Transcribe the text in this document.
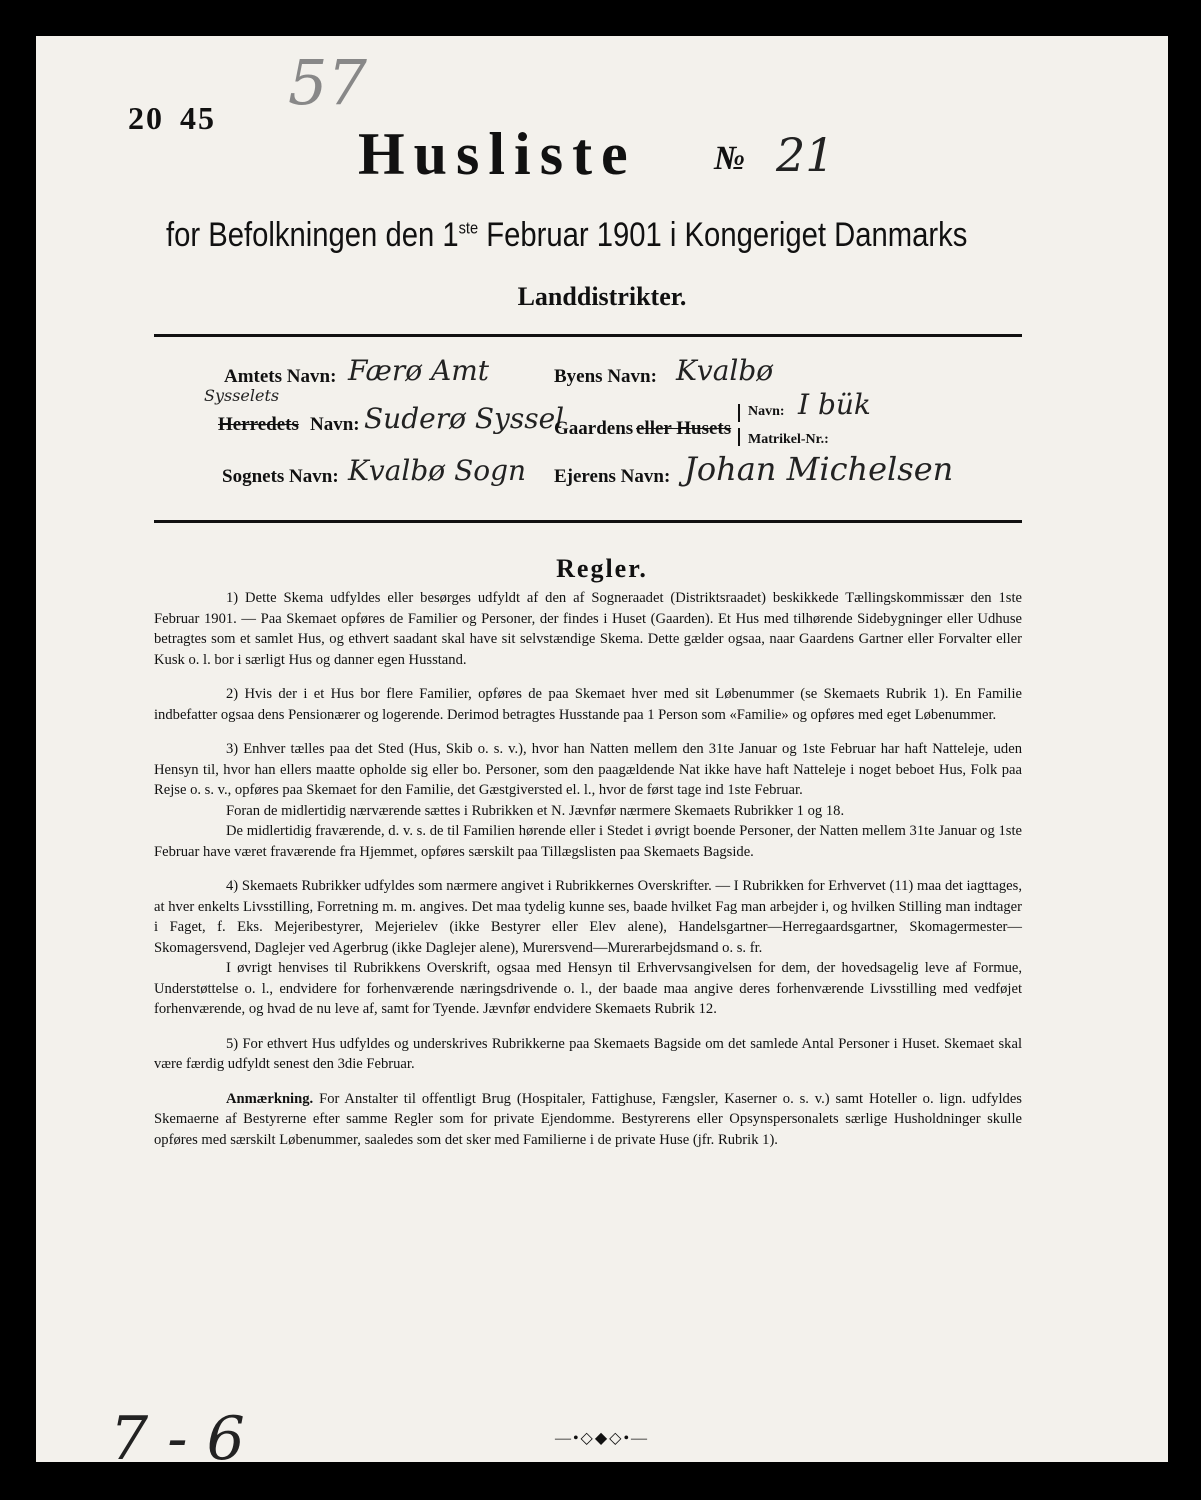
20 45 57
Husliste № 21
for Befolkningen den 1ste Februar 1901 i Kongeriget Danmarks
Landdistrikter.
Amtets Navn: Færø Amt	Byens Navn: Kvalbø
Sysselets
Herredets Navn: Suderø Syssel
Gaardens eller Husets
Navn: I bük
Matrikel-Nr.:
Sognets Navn: Kvalbø Sogn Ejerens Navn: Johan Michelsen
Regler.

1) Dette Skema udfyldes eller besørges udfyldt af den af Sogneraadet (Distriktsraadet) beskikkede Tællingskommissær den 1ste Februar 1901. — Paa Skemaet opføres de Familier og Personer, der findes i Huset (Gaarden). Et Hus med tilhørende Sidebygninger eller Udhuse betragtes som et samlet Hus, og ethvert saadant skal have sit selvstændige Skema. Dette gælder ogsaa, naar Gaardens Gartner eller Forvalter eller Kusk o. l. bor i særligt Hus og danner egen Husstand.

2) Hvis der i et Hus bor flere Familier, opføres de paa Skemaet hver med sit Løbenummer (se Skemaets Rubrik 1). En Familie indbefatter ogsaa dens Pensionærer og logerende. Derimod betragtes Husstande paa 1 Person som «Familie» og opføres med eget Løbenummer.

3) Enhver tælles paa det Sted (Hus, Skib o. s. v.), hvor han Natten mellem den 31te Januar og 1ste Februar har haft Natteleje, uden Hensyn til, hvor han ellers maatte opholde sig eller bo. Personer, som den paagældende Nat ikke have haft Natteleje i noget beboet Hus, Folk paa Rejse o. s. v., opføres paa Skemaet for den Familie, det Gæstgiversted el. l., hvor de først tage ind 1ste Februar.

Foran de midlertidig nærværende sættes i Rubrikken et N. Jævnfør nærmere Skemaets Rubrikker 1 og 18.

De midlertidig fraværende, d. v. s. de til Familien hørende eller i Stedet i øvrigt boende Personer, der Natten mellem 31te Januar og 1ste Februar have været fraværende fra Hjemmet, opføres særskilt paa Tillægslisten paa Skemaets Bagside.

4) Skemaets Rubrikker udfyldes som nærmere angivet i Rubrikkernes Overskrifter. — I Rubrikken for Erhvervet (11) maa det iagttages, at hver enkelts Livsstilling, Forretning m. m. angives. Det maa tydelig kunne ses, baade hvilket Fag man arbejder i, og hvilken Stilling man indtager i Faget, f. Eks. Mejeribestyrer, Mejerielev (ikke Bestyrer eller Elev alene), Handelsgartner—Herregaardsgartner, Skomagermester—Skomagersvend, Daglejer ved Agerbrug (ikke Daglejer alene), Murersvend—Murerarbejdsmand o. s. fr.

I øvrigt henvises til Rubrikkens Overskrift, ogsaa med Hensyn til Erhvervsangivelsen for dem, der hovedsagelig leve af Formue, Understøttelse o. l., endvidere for forhenværende næringsdrivende o. l., der baade maa angive deres forhenværende Livsstilling med vedføjet forhenværende, og hvad de nu leve af, samt for Tyende. Jævnfør endvidere Skemaets Rubrik 12.

5) For ethvert Hus udfyldes og underskrives Rubrikkerne paa Skemaets Bagside om det samlede Antal Personer i Huset. Skemaet skal være færdig udfyldt senest den 3die Februar.

Anmærkning. For Anstalter til offentligt Brug (Hospitaler, Fattighuse, Fængsler, Kaserner o. s. v.) samt Hoteller o. lign. udfyldes Skemaerne af Bestyrerne efter samme Regler som for private Ejendomme. Bestyrerens eller Opsynspersonalets særlige Husholdninger skulle opføres med særskilt Løbenummer, saaledes som det sker med Familierne i de private Huse (jfr. Rubrik 1).

—•◇◆◇•—
7 - 6
